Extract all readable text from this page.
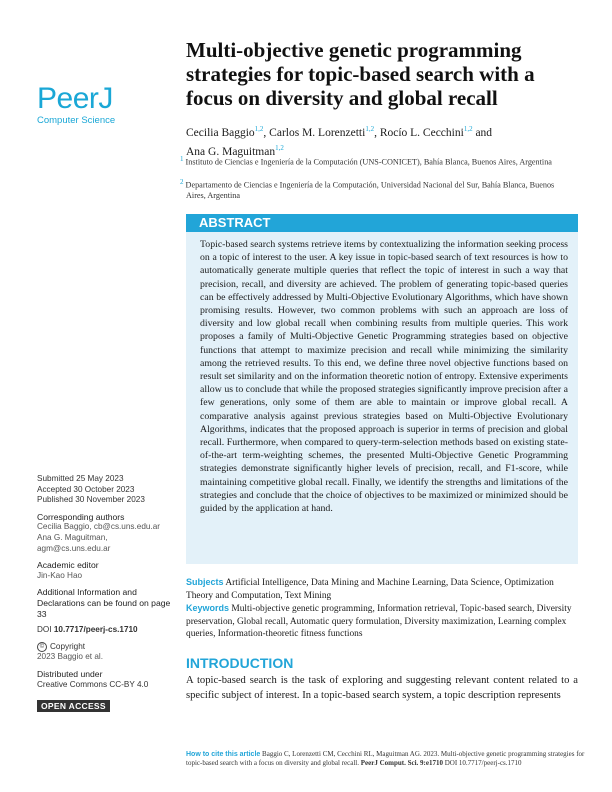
PeerJ
Computer Science
Multi-objective genetic programming strategies for topic-based search with a focus on diversity and global recall
Cecilia Baggio$^{1,2}$, Carlos M. Lorenzetti$^{1,2}$, Rocío L. Cecchini$^{1,2}$ and
Ana G. Maguitman$^{1,2}$
$^1$ Instituto de Ciencias e Ingeniería de la Computación (UNS-CONICET), Bahía Blanca, Buenos Aires, Argentina
$^2$ Departamento de Ciencias e Ingeniería de la Computación, Universidad Nacional del Sur, Bahía Blanca, Buenos Aires, Argentina
ABSTRACT
Topic-based search systems retrieve items by contextualizing the information seeking process on a topic of interest to the user. A key issue in topic-based search of text resources is how to automatically generate multiple queries that reflect the topic of interest in such a way that precision, recall, and diversity are achieved. The problem of generating topic-based queries can be effectively addressed by Multi-Objective Evolutionary Algorithms, which have shown promising results. However, two common problems with such an approach are loss of diversity and low global recall when combining results from multiple queries. This work proposes a family of Multi-Objective Genetic Programming strategies based on objective functions that attempt to maximize precision and recall while minimizing the similarity among the retrieved results. To this end, we define three novel objective functions based on result set similarity and on the information theoretic notion of entropy. Extensive experiments allow us to conclude that while the proposed strategies significantly improve precision after a few generations, only some of them are able to maintain or improve global recall. A comparative analysis against previous strategies based on Multi-Objective Evolutionary Algorithms, indicates that the proposed approach is superior in terms of precision and global recall. Furthermore, when compared to query-term-selection methods based on existing state-of-the-art term-weighting schemes, the presented Multi-Objective Genetic Programming strategies demonstrate significantly higher levels of precision, recall, and F1-score, while maintaining competitive global recall. Finally, we identify the strengths and limitations of the strategies and conclude that the choice of objectives to be maximized or minimized should be guided by the application at hand.
Subjects Artificial Intelligence, Data Mining and Machine Learning, Data Science, Optimization Theory and Computation, Text Mining
Keywords Multi-objective genetic programming, Information retrieval, Topic-based search, Diversity preservation, Global recall, Automatic query formulation, Diversity maximization, Learning complex queries, Information-theoretic fitness functions
INTRODUCTION
A topic-based search is the task of exploring and suggesting relevant content related to a specific subject of interest. In a topic-based search system, a topic description represents
Submitted 25 May 2023
Accepted 30 October 2023
Published 30 November 2023
Corresponding authors
Cecilia Baggio, cb@cs.uns.edu.ar
Ana G. Maguitman,
agm@cs.uns.edu.ar
Academic editor
Jin-Kao Hao
Additional Information and Declarations can be found on page 33
DOI 10.7717/peerj-cs.1710
© Copyright
2023 Baggio et al.
Distributed under
Creative Commons CC-BY 4.0
OPEN ACCESS
How to cite this article Baggio C, Lorenzetti CM, Cecchini RL, Maguitman AG. 2023. Multi-objective genetic programming strategies for topic-based search with a focus on diversity and global recall. PeerJ Comput. Sci. 9:e1710 DOI 10.7717/peerj-cs.1710
